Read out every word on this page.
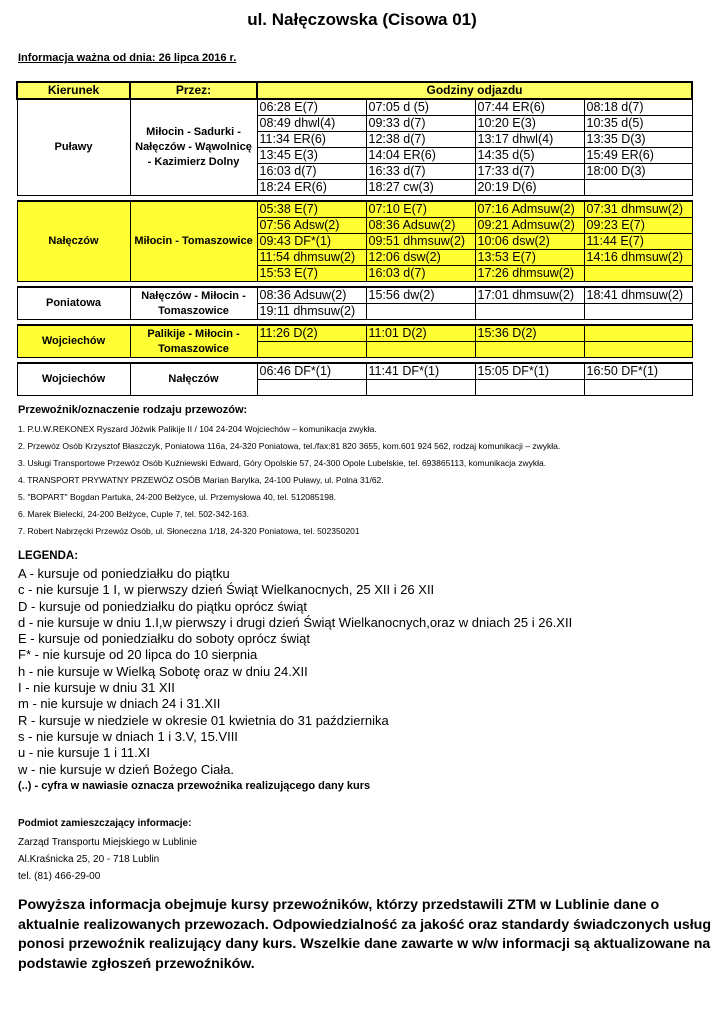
ul. Nałęczowska (Cisowa 01)
Informacja ważna od dnia: 26 lipca 2016 r.
Kierunek	Przez:	Godziny odjazdu			
Puławy	Miłocin - Sadurki - Nałęczów - Wąwolnicę - Kazimierz Dolny	06:28 E(7)	07:05 d (5)	07:44 ER(6)	08:18 d(7)
		08:49 dhwl(4)	09:33 d(7)	10:20 E(3)	10:35 d(5)
		11:34 ER(6)	12:38 d(7)	13:17 dhwl(4)	13:35 D(3)
		13:45 E(3)	14:04 ER(6)	14:35 d(5)	15:49 ER(6)
		16:03 d(7)	16:33 d(7)	17:33 d(7)	18:00 D(3)
		18:24 ER(6)	18:27 cw(3)	20:19 D(6)	

Nałęczów	Miłocin - Tomaszowice	05:38 E(7)	07:10 E(7)	07:16 Admsuw(2)	07:31 dhmsuw(2)
		07:56 Adsw(2)	08:36 Adsuw(2)	09:21 Admsuw(2)	09:23 E(7)
		09:43 DF*(1)	09:51 dhmsuw(2)	10:06 dsw(2)	11:44 E(7)
		11:54 dhmsuw(2)	12:06 dsw(2)	13:53 E(7)	14:16 dhmsuw(2)
		15:53 E(7)	16:03 d(7)	17:26 dhmsuw(2)	

Poniatowa	Nałęczów - Miłocin - Tomaszowice	08:36 Adsuw(2)	15:56 dw(2)	17:01 dhmsuw(2)	18:41 dhmsuw(2)
		19:11 dhmsuw(2)			

Wojciechów	Palikije - Miłocin - Tomaszowice	11:26 D(2)	11:01 D(2)	15:36 D(2)	

Wojciechów	Nałęczów	06:46 DF*(1)	11:41 DF*(1)	15:05 DF*(1)	16:50 DF*(1)

Przewoźnik/oznaczenie rodzaju przewozów:
1. P.U.W.REKONEX Ryszard Jóźwik Palikije II / 104 24-204 Wojciechów – komunikacja zwykła.
2. Przewóz Osób Krzysztof Błaszczyk, Poniatowa 116a, 24-320 Poniatowa, tel./fax:81 820 3655, kom.601 924 562, rodzaj komunikacji – zwykła.
3. Usługi Transportowe Przewóz Osób Kuźniewski Edward, Góry Opolskie 57, 24-300 Opole Lubelskie, tel. 693865113, komunikacja zwykła.
4. TRANSPORT PRYWATNY PRZEWÓZ OSÓB Marian Barylka, 24-100 Puławy, ul. Polna 31/62.
5. "BOPART" Bogdan Partuka, 24-200 Bełżyce, ul. Przemysłowa 40, tel. 512085198.
6. Marek Bielecki, 24-200 Bełżyce, Cuple 7, tel. 502-342-163.
7. Robert Nabrzęcki Przewóz Osób, ul. Słoneczna 1/18, 24-320 Poniatowa, tel. 502350201
LEGENDA:
A - kursuje od poniedziałku do piątku
c - nie kursuje 1 I, w pierwszy dzień Świąt Wielkanocnych, 25 XII i 26 XII
D - kursuje od poniedziałku do piątku oprócz świąt
d - nie kursuje w dniu 1.I,w pierwszy i drugi dzień Świąt Wielkanocnych,oraz w dniach 25 i 26.XII
E - kursuje od poniedziałku do soboty oprócz świąt
F* - nie kursuje od 20 lipca do 10 sierpnia
h - nie kursuje w Wielką Sobotę oraz w dniu 24.XII
I - nie kursuje w dniu 31 XII
m - nie kursuje w dniach 24 i 31.XII
R - kursuje w niedziele w okresie 01 kwietnia do 31 października
s - nie kursuje w dniach 1 i 3.V, 15.VIII
u - nie kursuje 1 i 11.XI
w - nie kursuje w dzień Bożego Ciała.
(..) - cyfra w nawiasie oznacza przewoźnika realizującego dany kurs
Podmiot zamieszczający informacje:
Zarząd Transportu Miejskiego w Lublinie
Al.Kraśnicka 25, 20 - 718 Lublin
tel. (81) 466-29-00
Powyższa informacja obejmuje kursy przewoźników, którzy przedstawili ZTM w Lublinie dane o aktualnie realizowanych przewozach. Odpowiedzialność za jakość oraz standardy świadczonych usług ponosi przewoźnik realizujący dany kurs. Wszelkie dane zawarte w w/w informacji są aktualizowane na podstawie zgłoszeń przewoźników.
